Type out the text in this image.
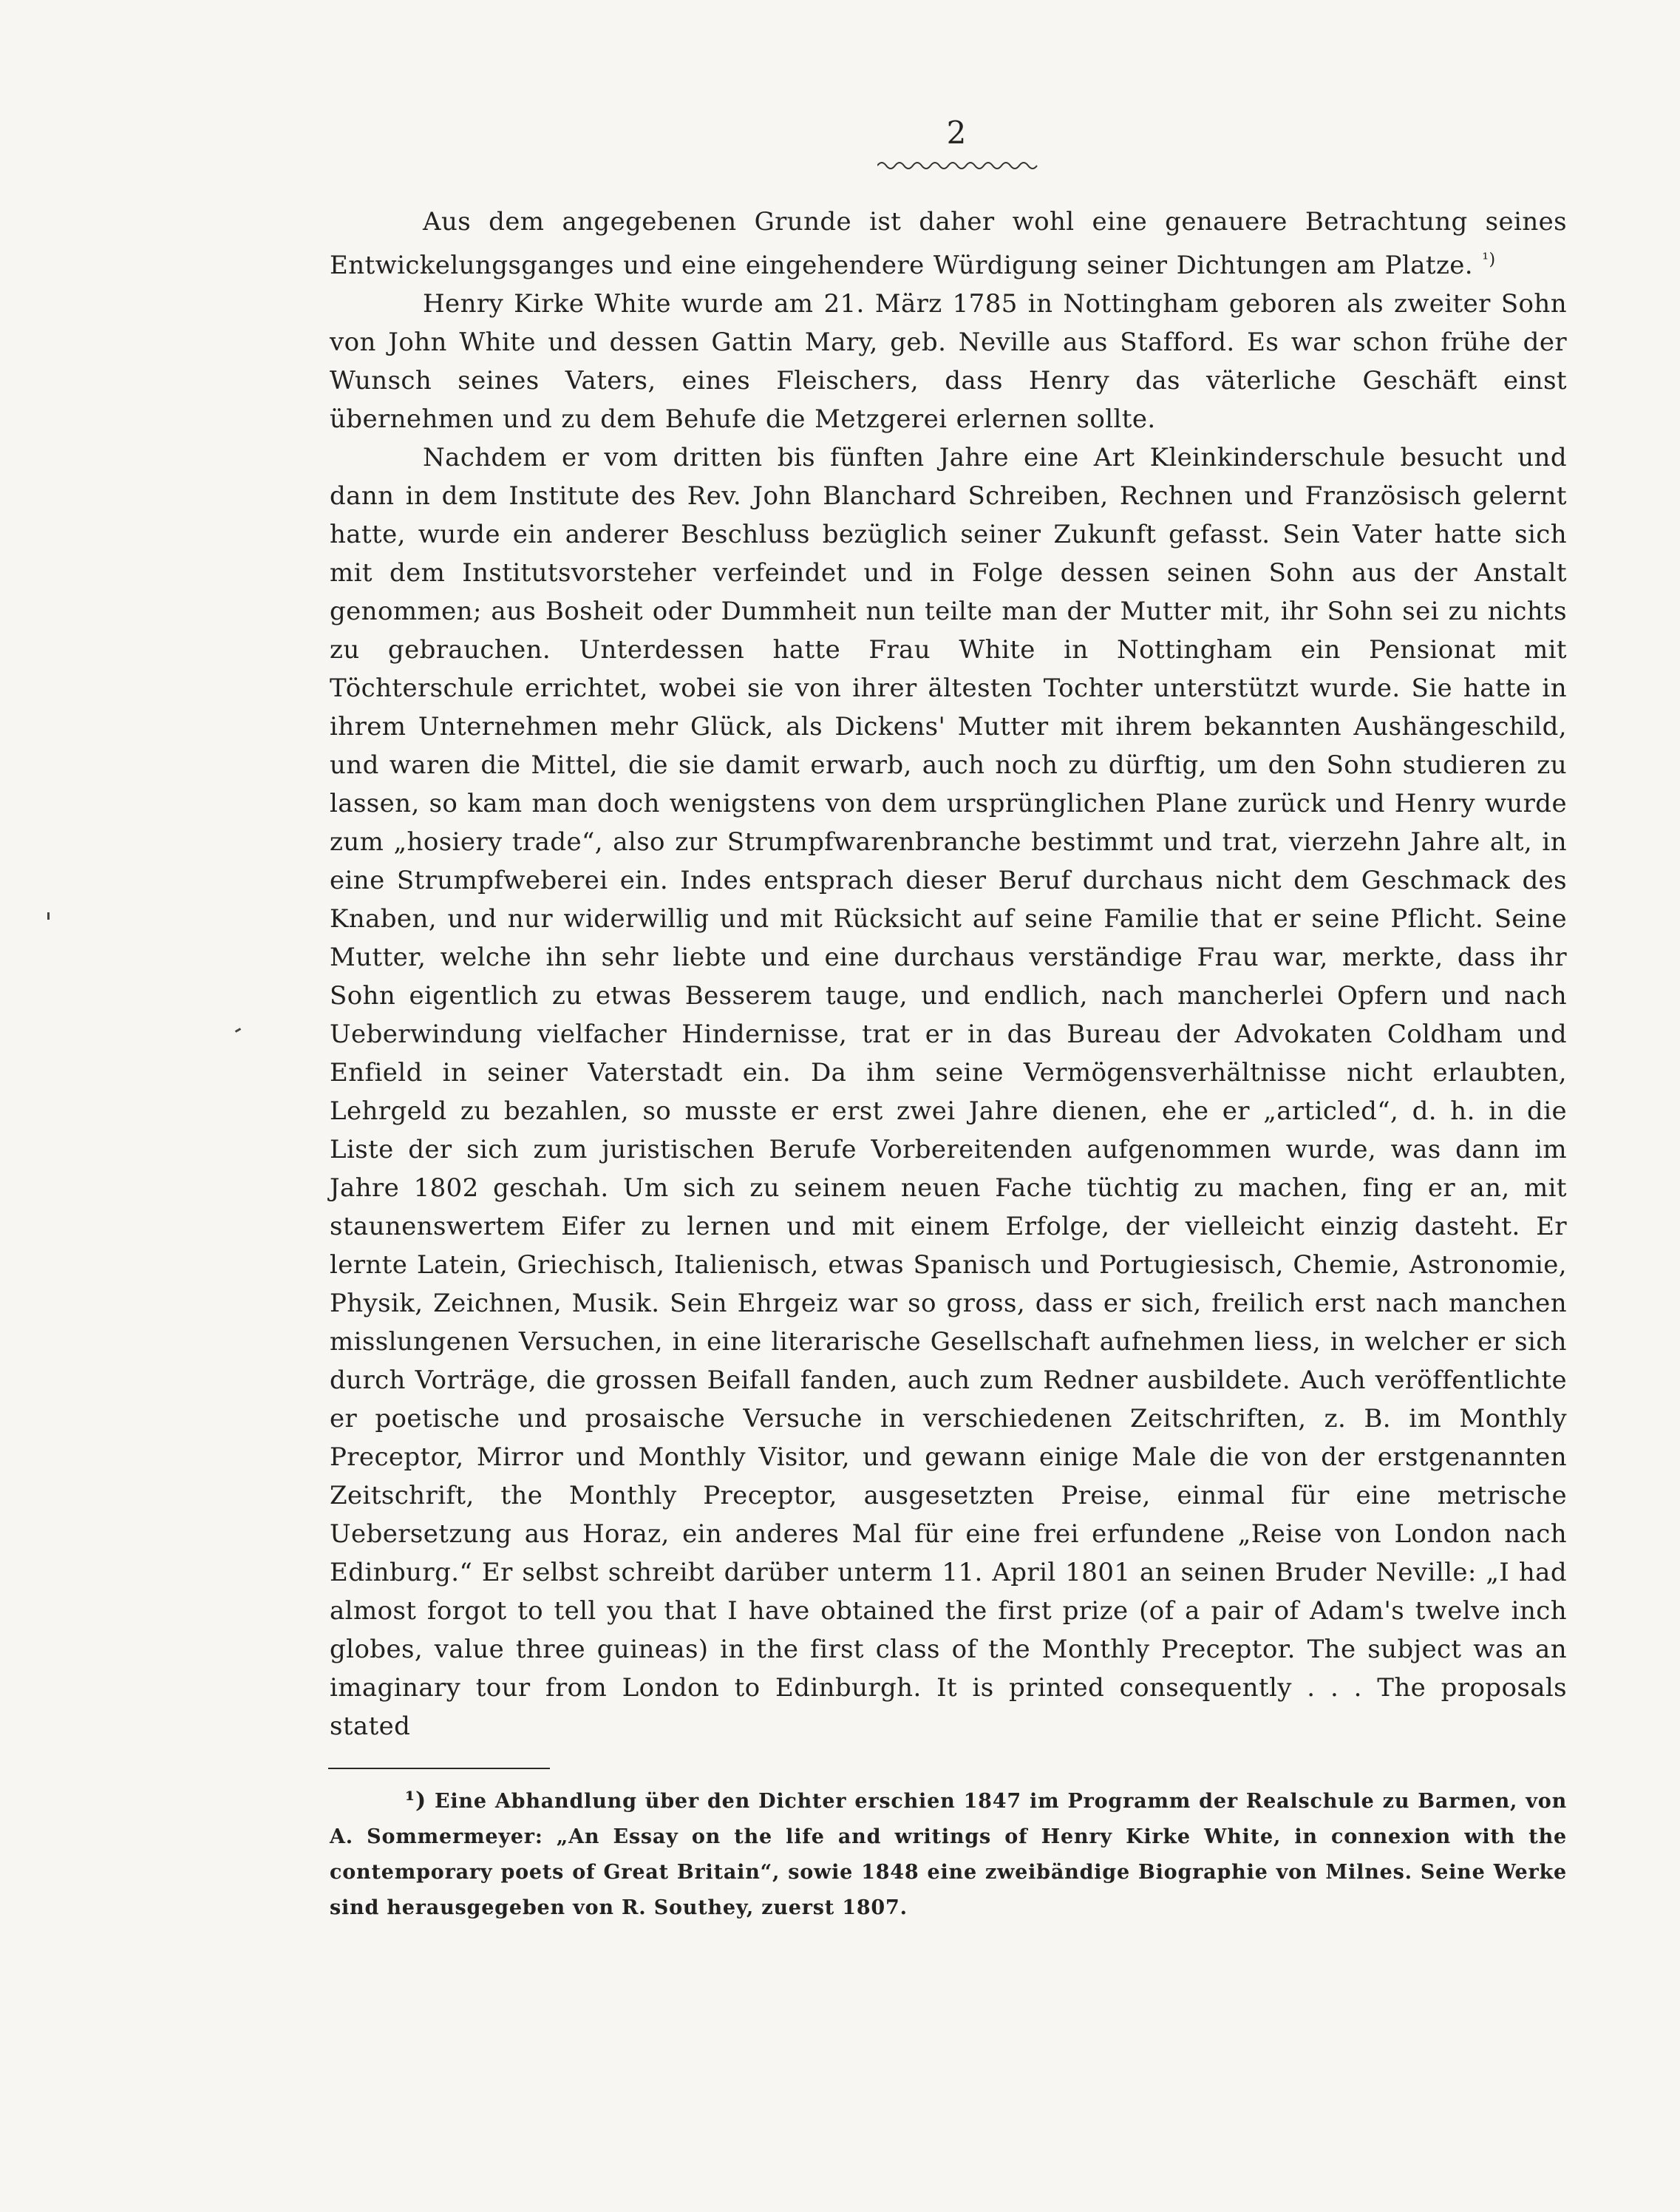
2

Aus dem angegebenen Grunde ist daher wohl eine genauere Betrachtung seines Entwickelungsganges und eine eingehendere Würdigung seiner Dichtungen am Platze. $^{^1)}$

Henry Kirke White wurde am 21. März 1785 in Nottingham geboren als zweiter Sohn von John White und dessen Gattin Mary, geb. Neville aus Stafford. Es war schon frühe der Wunsch seines Vaters, eines Fleischers, dass Henry das väterliche Geschäft einst übernehmen und zu dem Behufe die Metzgerei erlernen sollte.

Nachdem er vom dritten bis fünften Jahre eine Art Kleinkinderschule besucht und dann in dem Institute des Rev. John Blanchard Schreiben, Rechnen und Französisch gelernt hatte, wurde ein anderer Beschluss bezüglich seiner Zukunft gefasst. Sein Vater hatte sich mit dem Institutsvorsteher verfeindet und in Folge dessen seinen Sohn aus der Anstalt genommen; aus Bosheit oder Dummheit nun teilte man der Mutter mit, ihr Sohn sei zu nichts zu gebrauchen. Unterdessen hatte Frau White in Nottingham ein Pensionat mit Töchterschule errichtet, wobei sie von ihrer ältesten Tochter unterstützt wurde. Sie hatte in ihrem Unternehmen mehr Glück, als Dickens' Mutter mit ihrem bekannten Aushängeschild, und waren die Mittel, die sie damit erwarb, auch noch zu dürftig, um den Sohn studieren zu lassen, so kam man doch wenigstens von dem ursprünglichen Plane zurück und Henry wurde zum „hosiery trade“, also zur Strumpfwarenbranche bestimmt und trat, vierzehn Jahre alt, in eine Strumpfweberei ein. Indes entsprach dieser Beruf durchaus nicht dem Geschmack des Knaben, und nur widerwillig und mit Rücksicht auf seine Familie that er seine Pflicht. Seine Mutter, welche ihn sehr liebte und eine durchaus verständige Frau war, merkte, dass ihr Sohn eigentlich zu etwas Besserem tauge, und endlich, nach mancherlei Opfern und nach Ueberwindung vielfacher Hindernisse, trat er in das Bureau der Advokaten Coldham und Enfield in seiner Vaterstadt ein. Da ihm seine Vermögensverhältnisse nicht erlaubten, Lehrgeld zu bezahlen, so musste er erst zwei Jahre dienen, ehe er „articled“, d. h. in die Liste der sich zum juristischen Berufe Vorbereitenden aufgenommen wurde, was dann im Jahre 1802 geschah. Um sich zu seinem neuen Fache tüchtig zu machen, fing er an, mit staunenswertem Eifer zu lernen und mit einem Erfolge, der vielleicht einzig dasteht. Er lernte Latein, Griechisch, Italienisch, etwas Spanisch und Portugiesisch, Chemie, Astronomie, Physik, Zeichnen, Musik. Sein Ehrgeiz war so gross, dass er sich, freilich erst nach manchen misslungenen Versuchen, in eine literarische Gesellschaft aufnehmen liess, in welcher er sich durch Vorträge, die grossen Beifall fanden, auch zum Redner ausbildete. Auch veröffentlichte er poetische und prosaische Versuche in verschiedenen Zeitschriften, z. B. im Monthly Preceptor, Mirror und Monthly Visitor, und gewann einige Male die von der erstgenannten Zeitschrift, the Monthly Preceptor, ausgesetzten Preise, einmal für eine metrische Uebersetzung aus Horaz, ein anderes Mal für eine frei erfundene „Reise von London nach Edinburg.“ Er selbst schreibt darüber unterm 11. April 1801 an seinen Bruder Neville: „I had almost forgot to tell you that I have obtained the first prize (of a pair of Adam's twelve inch globes, value three guineas) in the first class of the Monthly Preceptor. The subject was an imaginary tour from London to Edinburgh. It is printed consequently . . . The proposals stated

¹) Eine Abhandlung über den Dichter erschien 1847 im Programm der Realschule zu Barmen, von A. Sommermeyer: „An Essay on the life and writings of Henry Kirke White, in connexion with the contemporary poets of Great Britain“, sowie 1848 eine zweibändige Biographie von Milnes. Seine Werke sind herausgegeben von R. Southey, zuerst 1807.
